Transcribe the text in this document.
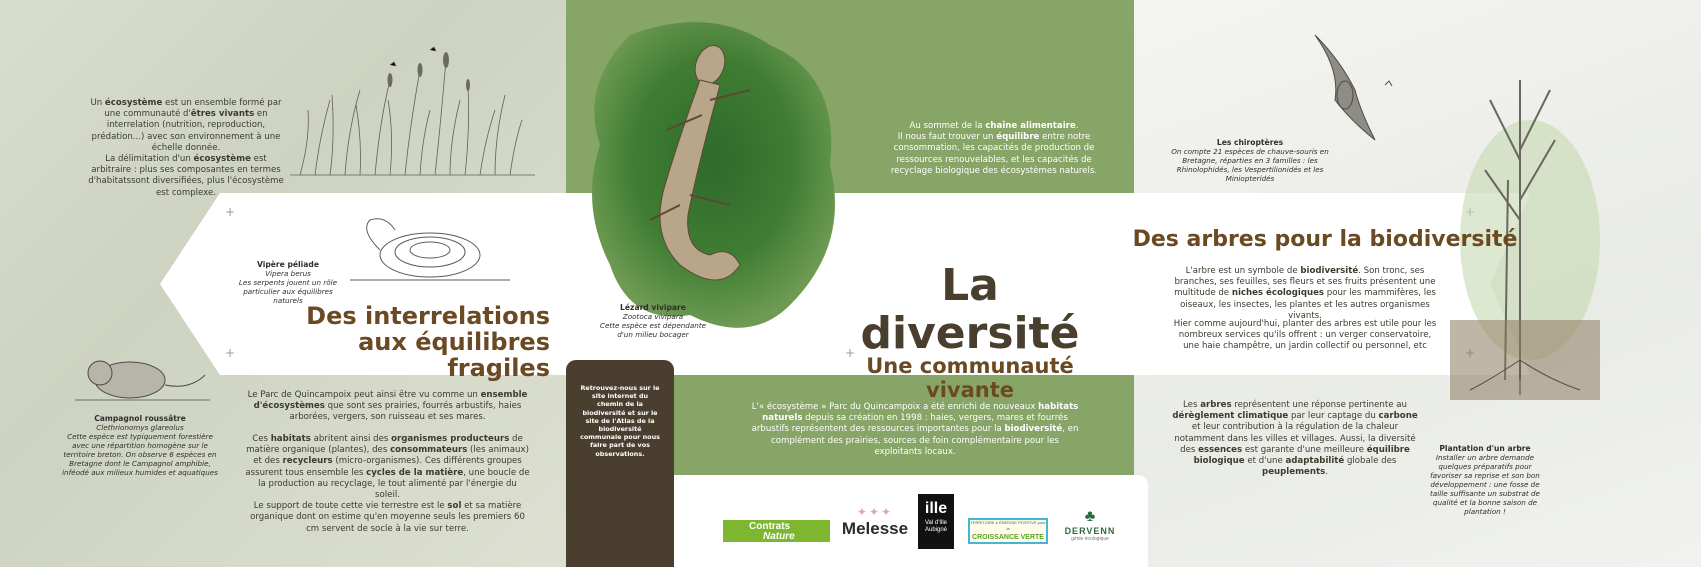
+
+	+
Un écosystème est un ensemble formé par une communauté d'êtres vivants en interrelation (nutrition, reproduction, prédation...) avec son environnement à une échelle donnée.
La délimitation d'un écosystème est arbitraire : plus ses composantes en termes d'habitatssont diversifiées, plus l'écosystème est complexe.
Vipère péliade
Vipera berus
Les serpents jouent un rôle particulier aux équilibres naturels
Des interrelations
aux équilibres fragiles
Campagnol roussâtre
Clethrionomys glareolus
Cette espèce est typiquement forestière avec une répartition homogène sur le territoire breton. On observe 6 espèces en Bretagne dont le Campagnol amphibie, inféodé aux milieux humides et aquatiques
Le Parc de Quincampoix peut ainsi être vu comme un ensemble d'écosystèmes que sont ses prairies, fourrés arbustifs, haies arborées, vergers, son ruisseau et ses mares.
Ces habitats abritent ainsi des organismes producteurs de matière organique (plantes), des consommateurs (les animaux) et des recycleurs (micro-organismes). Ces différents groupes assurent tous ensemble les cycles de la matière, une boucle de la production au recyclage, le tout alimenté par l'énergie du soleil.
Le support de toute cette vie terrestre est le sol et sa matière organique dont on estime qu'en moyenne seuls les premiers 60 cm servent de socle à la vie sur terre.
Au sommet de la chaîne alimentaire.
Il nous faut trouver un équilibre entre notre consommation, les capacités de production de ressources renouvelables, et les capacités de recyclage biologique des écosystèmes naturels.
Lézard vivipare
Zootoca vivipara
Cette espèce est dépendante d'un milieu bocager
La diversité
Une communauté vivante
Retrouvez-nous sur le site internet du chemin de la biodiversité et sur le site de l'Atlas de la biodiversité communale pour nous faire part de vos observations.
L'« écosystème » Parc du Quincampoix a été enrichi de nouveaux habitats naturels depuis sa création en 1998 : haies, vergers, mares et fourrés arbustifs représentent des ressources importantes pour la biodiversité, en complément des prairies, sources de foin complémentaire pour les exploitants locaux.
Contrats
Nature
✦✦✦
Melesse
ille
Val d'Ille Aubigné
TERRITOIRE à ÉNERGIE POSITIVE pour la
CROISSANCE VERTE
♣
DERVENN
génie écologique
Les chiroptères
On compte 21 espèces de chauve-souris en Bretagne, réparties en 3 familles : les Rhinolophidés, les Vespertilionidés et les Miniopteridés
Des arbres pour la biodiversité
L'arbre est un symbole de biodiversité. Son tronc, ses branches, ses feuilles, ses fleurs et ses fruits présentent une multitude de niches écologiques pour les mammifères, les oiseaux, les insectes, les plantes et les autres organismes vivants.
Hier comme aujourd'hui, planter des arbres est utile pour les nombreux services qu'ils offrent : un verger conservatoire, une haie champêtre, un jardin collectif ou personnel, etc
Les arbres représentent une réponse pertinente au dérèglement climatique par leur captage du carbone et leur contribution à la régulation de la chaleur notamment dans les villes et villages. Aussi, la diversité des essences est garante d'une meilleure équilibre biologique et d'une adaptabilité globale des peuplements.
Plantation d'un arbre
Installer un arbre demande quelques préparatifs pour favoriser sa reprise et son bon développement : une fosse de taille suffisante un substrat de qualité et la bonne saison de plantation !
